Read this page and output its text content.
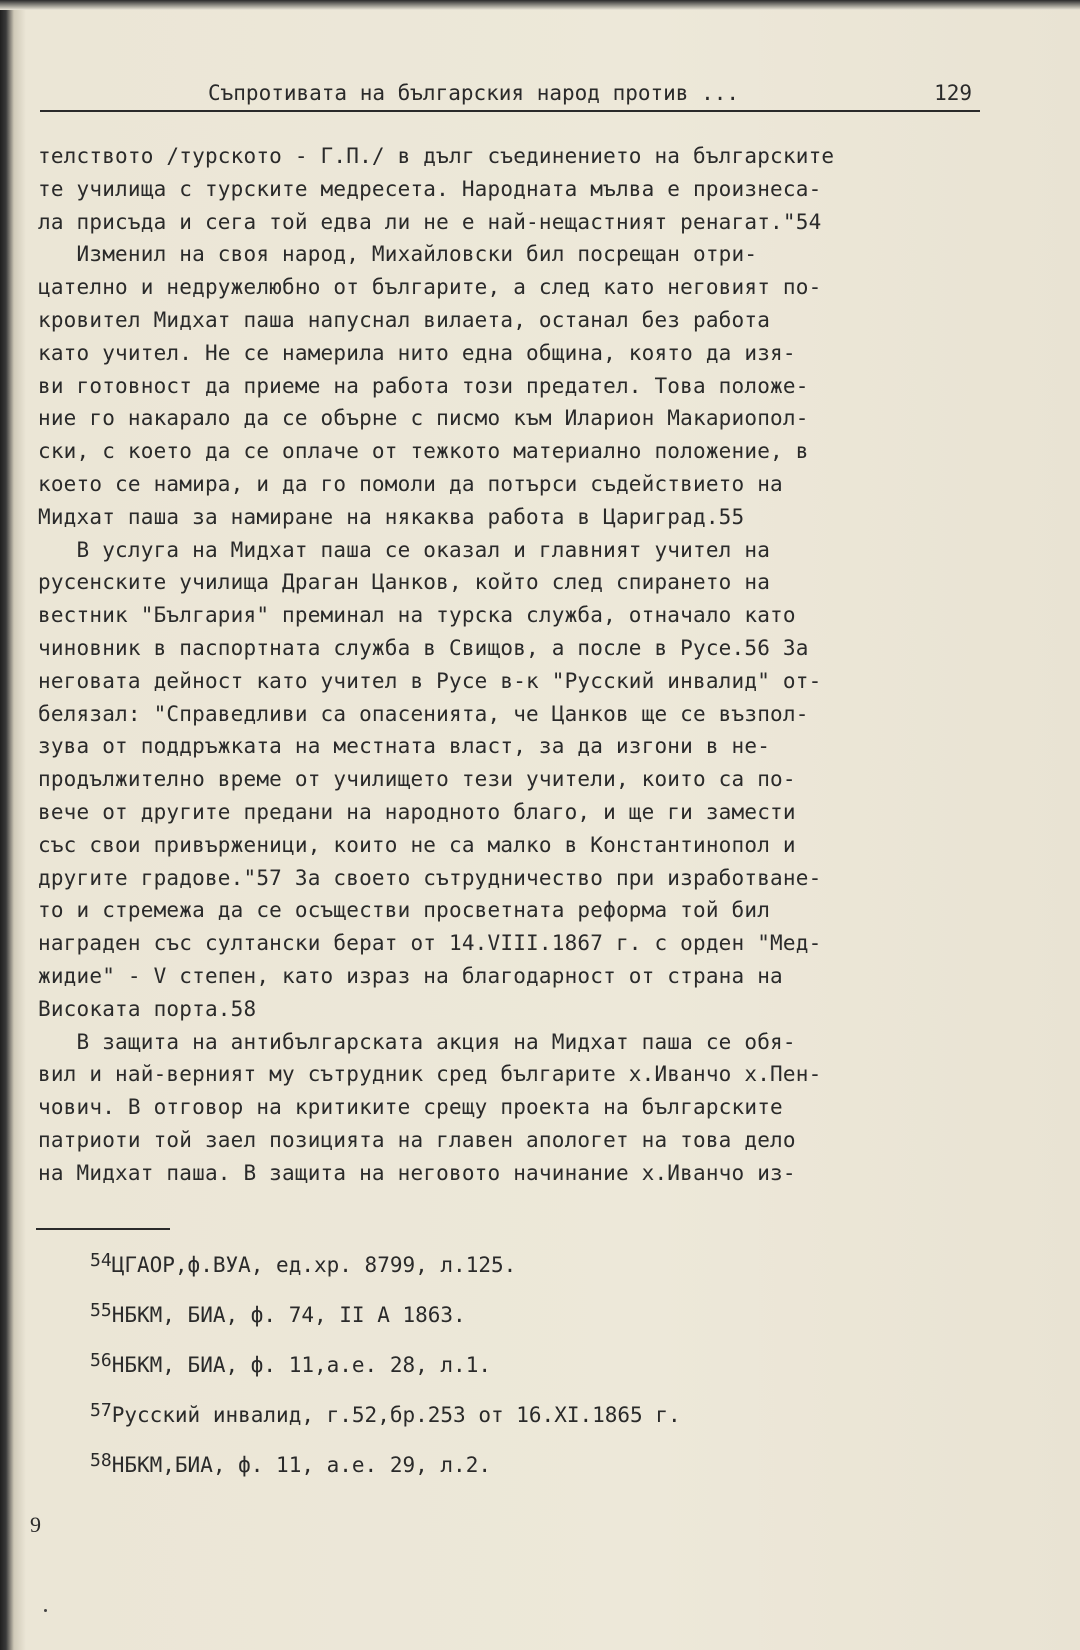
Съпротивата на българския народ против ...	129
телството /турското - Г.П./ в дълг съединението на българските
те училища с турските медресета. Народната мълва е произнеса-
ла присъда и сега той едва ли не е най-нещастният ренагат."54
Изменил на своя народ, Михайловски бил посрещан отри-
цателно и недружелюбно от българите, а след като неговият по-
кровител Мидхат паша напуснал вилаета, останал без работа
като учител. Не се намерила нито една община, която да изя-
ви готовност да приеме на работа този предател. Това положе-
ние го накарало да се обърне с писмо към Иларион Макариопол-
ски, с което да се оплаче от тежкото материално положение, в
което се намира, и да го помоли да потърси съдействието на
Мидхат паша за намиране на някаква работа в Цариград.55
В услуга на Мидхат паша се оказал и главният учител на
русенските училища Драган Цанков, който след спирането на
вестник "България" преминал на турска служба, отначало като
чиновник в паспортната служба в Свищов, а после в Русе.56 За
неговата дейност като учител в Русе в-к "Русский инвалид" от-
белязал: "Справедливи са опасенията, че Цанков ще се възпол-
зува от поддръжката на местната власт, за да изгони в не-
продължително време от училището тези учители, които са по-
вече от другите предани на народното благо, и ще ги замести
със свои привърженици, които не са малко в Константинопол и
другите градове."57 За своето сътрудничество при изработване-
то и стремежа да се осъществи просветната реформа той бил
награден със султански берат от 14.VIII.1867 г. с орден "Мед-
жидие" - V степен, като израз на благодарност от страна на
Високата порта.58
В защита на антибългарската акция на Мидхат паша се обя-
вил и най-верният му сътрудник сред българите х.Иванчо х.Пен-
чович. В отговор на критиките срещу проекта на българските
патриоти той заел позицията на главен апологет на това дело
на Мидхат паша. В защита на неговото начинание х.Иванчо из-
$^{54}$ЦГАОР,ф.ВУА, ед.хр. 8799, л.125.
$^{55}$НБКМ, БИА, ф. 74, II А 1863.
$^{56}$НБКМ, БИА, ф. 11,а.е. 28, л.1.
$^{57}$Русский инвалид, г.52,бр.253 от 16.XI.1865 г.
$^{58}$НБКМ,БИА, ф. 11, а.е. 29, л.2.
9
